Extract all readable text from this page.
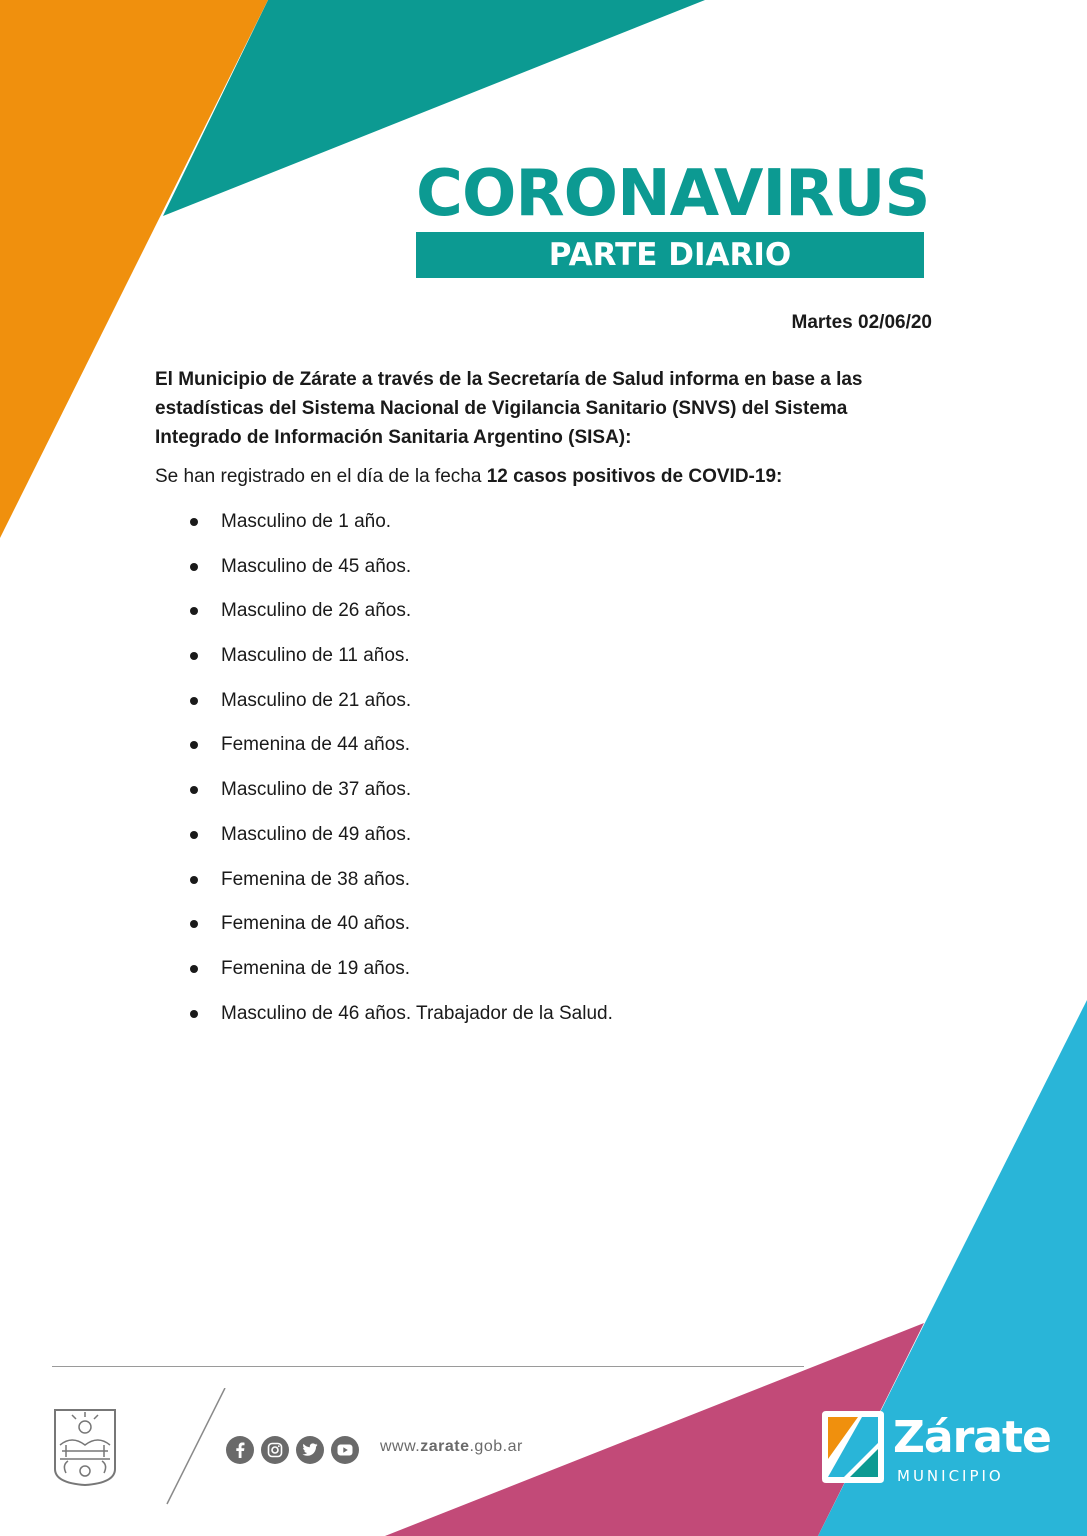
CORONAVIRUS
PARTE DIARIO
Martes 02/06/20
El Municipio de Zárate a través de la Secretaría de Salud informa en base a las estadísticas del Sistema Nacional de Vigilancia Sanitario (SNVS) del Sistema Integrado de Información Sanitaria Argentino (SISA):
Se han registrado en el día de la fecha 12 casos positivos de COVID-19:
Masculino de 1 año.
Masculino de 45 años.
Masculino de 26 años.
Masculino de 11 años.
Masculino de 21 años.
Femenina de 44 años.
Masculino de 37 años.
Masculino de 49 años.
Femenina de 38 años.
Femenina de 40 años.
Femenina de 19 años.
Masculino de 46 años. Trabajador de la Salud.
www.zarate.gob.ar	Zárate
MUNICIPIO
